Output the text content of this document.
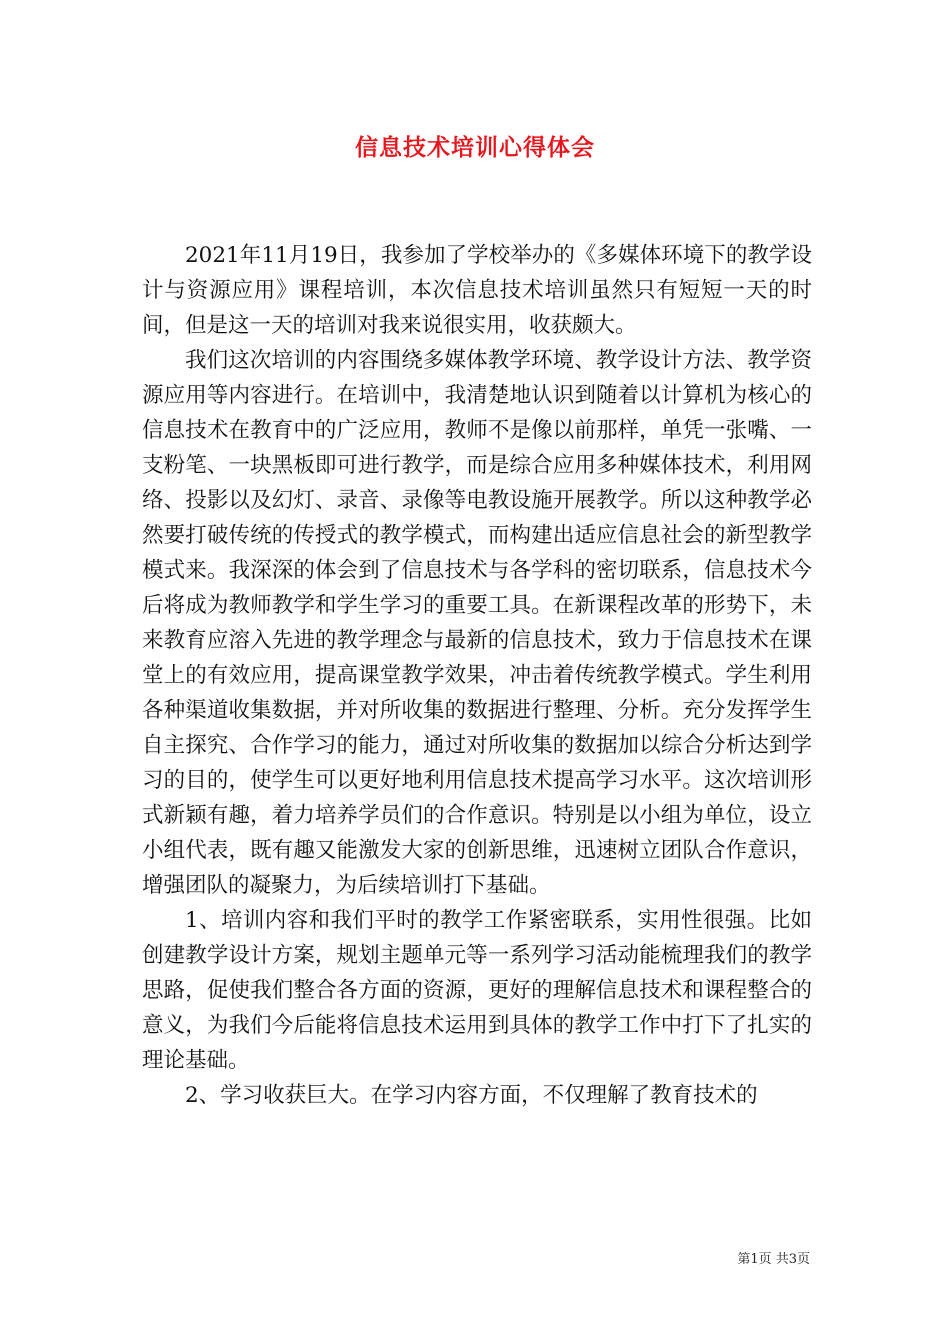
信息技术培训心得体会

2021年11月19日，我参加了学校举办的《多媒体环境下的教学设计与资源应用》课程培训，本次信息技术培训虽然只有短短一天的时间，但是这一天的培训对我来说很实用，收获颇大。

我们这次培训的内容围绕多媒体教学环境、教学设计方法、教学资源应用等内容进行。在培训中，我清楚地认识到随着以计算机为核心的信息技术在教育中的广泛应用，教师不是像以前那样，单凭一张嘴、一支粉笔、一块黑板即可进行教学，而是综合应用多种媒体技术，利用网络、投影以及幻灯、录音、录像等电教设施开展教学。所以这种教学必然要打破传统的传授式的教学模式，而构建出适应信息社会的新型教学模式来。我深深的体会到了信息技术与各学科的密切联系，信息技术今后将成为教师教学和学生学习的重要工具。在新课程改革的形势下，未来教育应溶入先进的教学理念与最新的信息技术，致力于信息技术在课堂上的有效应用，提高课堂教学效果，冲击着传统教学模式。学生利用各种渠道收集数据，并对所收集的数据进行整理、分析。充分发挥学生自主探究、合作学习的能力，通过对所收集的数据加以综合分析达到学习的目的，使学生可以更好地利用信息技术提高学习水平。这次培训形式新颖有趣，着力培养学员们的合作意识。特别是以小组为单位，设立小组代表，既有趣又能激发大家的创新思维，迅速树立团队合作意识，增强团队的凝聚力，为后续培训打下基础。

1、培训内容和我们平时的教学工作紧密联系，实用性很强。比如创建教学设计方案，规划主题单元等一系列学习活动能梳理我们的教学思路，促使我们整合各方面的资源，更好的理解信息技术和课程整合的意义，为我们今后能将信息技术运用到具体的教学工作中打下了扎实的理论基础。

2、学习收获巨大。在学习内容方面，不仅理解了教育技术的

第1页 共3页
